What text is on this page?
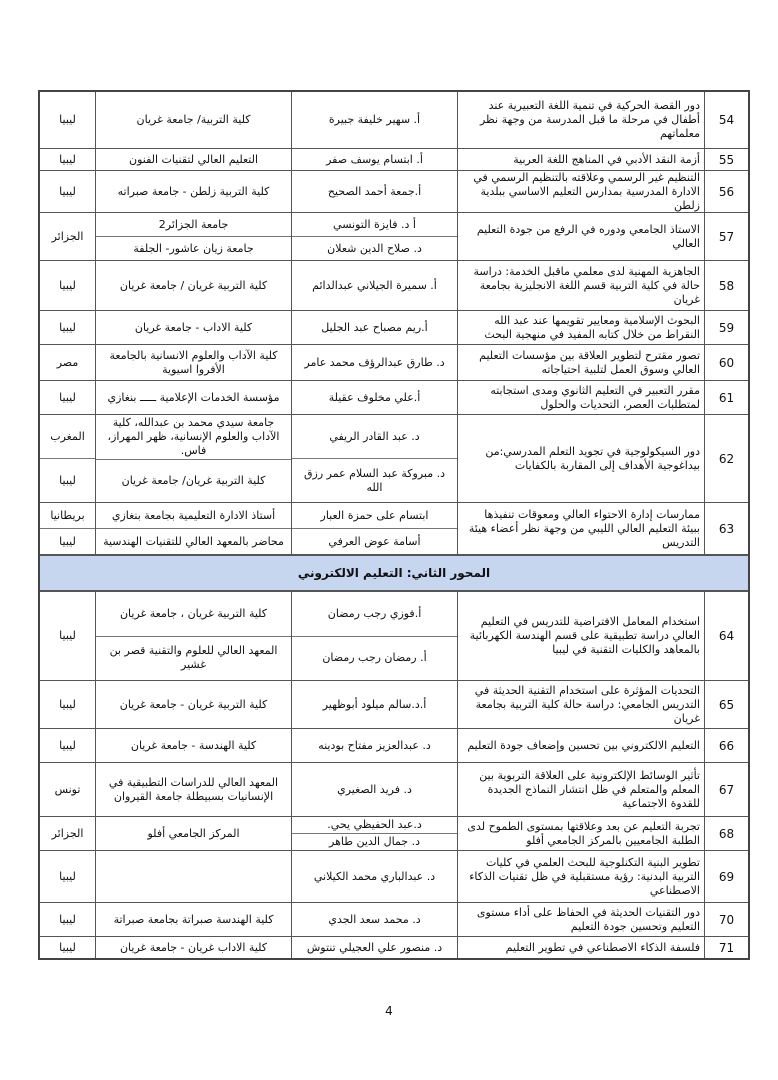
54
دور القصة الحركية في تنمية اللغة التعبيرية عند أطفال في مرحلة ما قبل المدرسة من وجهة نظر معلماتهم
أ. سهير خليفة جبيرة
كلية التربية/ جامعة غريان
ليبيا
55
أزمة النقد الأدبي في المناهج اللغة العربية
أ. ابتسام يوسف صفر
التعليم العالي لتقنيات الفنون
ليبيا
56
التنظيم غير الرسمي وعلاقته بالتنظيم الرسمي في الادارة المدرسية بمدارس التعليم الاساسي ببلدية زلطن
أ.جمعة أحمد الصحيح
كلية التربية زلطن - جامعة صبراته
ليبيا
57
الاستاذ الجامعي ودوره في الرفع من جودة التعليم العالي
أ د. فايزة التونسي
د. صلاح الدين شعلان
جامعة الجزائر2
جامعة زيان عاشور- الجلفة
الجزائر
58
الجاهزية المهنية لدى معلمي ماقبل الخدمة: دراسة حالة في كلية التربية قسم اللغة الانجليزية بجامعة غريان
أ. سميرة الجيلاني عبدالدائم
كلية التربية غريان / جامعة غريان
ليبيا
59
البحوث الإسلامية ومعايير تقويمها عند عبد الله النقراط من خلال كتابه المفيد في منهجية البحث
أ.ريم مصباح عبد الجليل
كلية الاداب - جامعة غريان
ليبيا
60
تصور مقترح لتطوير العلاقة بين مؤسسات التعليم العالي وسوق العمل لتلبية احتياجاته
د. طارق عبدالرؤف محمد عامر
كلية الآداب والعلوم الانسانية بالجامعة الأفروا اسيوية
مصر
61
مقرر التعبير في التعليم الثانوي ومدى استجابته لمتطلبات العصر، التحديات والحلول
أ.علي مخلوف عقيلة
مؤسسة الخدمات الإعلامية ـــــ بنغازي
ليبيا
62
دور السيكولوجية في تجويد التعلم المدرسي:من بيداغوجية الأهداف إلى المقاربة بالكفايات
د. عبد القادر الريفي
د. مبروكة عبد السلام عمر رزق الله
جامعة سيدي محمد بن عبدالله، كلية الآداب والعلوم الإنسانية، ظهر المهراز، فاس.
كلية التربية غريان/ جامعة غريان
المغرب
ليبيا
63
ممارسات إدارة الاحتواء العالي ومعوقات تنفيذها ببيئة التعليم العالي الليبي من وجهة نظر أعضاء هيئة التدريس
ابتسام على حمزة العبار
أسامة عوض العرفي
أستاذ الادارة التعليمية بجامعة بنغازي
محاضر بالمعهد العالي للتقنيات الهندسية
بريطانيا
ليبيا
المحور الثاني: التعليم الالكتروني
64
استخدام المعامل الافتراضية للتدريس في التعليم العالي دراسة تطبيقية على قسم الهندسة الكهربائية بالمعاهد والكليات التقنية في ليبيا
أ.فوزي رجب رمضان
أ. رمضان رجب رمضان
كلية التربية غريان ، جامعة غريان
المعهد العالي للعلوم والتقنية قصر بن غشير
ليبيا
65
التحديات المؤثرة على استخدام التقنية الحديثة في التدريس الجامعي: دراسة حالة كلية التربية بجامعة غريان
أ.د.سالم ميلود أبوظهير
كلية التربية غريان - جامعة غريان
ليبيا
66
التعليم الالكتروني بين تحسين وإضعاف جودة التعليم
د. عبدالعزيز مفتاح بودينه
كلية الهندسة - جامعة غريان
ليبيا
67
تأثير الوسائط الإلكترونية على العلاقة التربوية بين المعلم والمتعلم في ظل انتشار النماذج الجديدة للقدوة الاجتماعية
د. فريد الصغيري
المعهد العالي للدراسات التطبيقية في الإنسانيات بسبيطلة جامعة القيروان
تونس
68
تجربة التعليم عن بعد وعلاقتها بمستوى الطموح لدى الطلبة الجامعيين بالمركز الجامعي أفلو
د.عبد الحفيظي يحي.
د. جمال الدين طاهر
المركز الجامعي أفلو
الجزائر
69
تطوير البنية التكنلوجية للبحث العلمي في كليات التربية البدنية: رؤية مستقبلية في ظل تقنيات الذكاء الاصطناعي
د. عبدالباري محمد الكيلاني
ليبيا
70
دور التقنيات الحديثة في الحفاظ على أداء مستوى التعليم وتحسين جودة التعليم
د. محمد سعد الجدي
كلية الهندسة صبراتة بجامعة صبراتة
ليبيا
71
فلسفة الذكاء الاصطناعي في تطوير التعليم
د. منصور علي العجيلي تنتوش
كلية الاداب غريان - جامعة غريان
ليبيا
4
